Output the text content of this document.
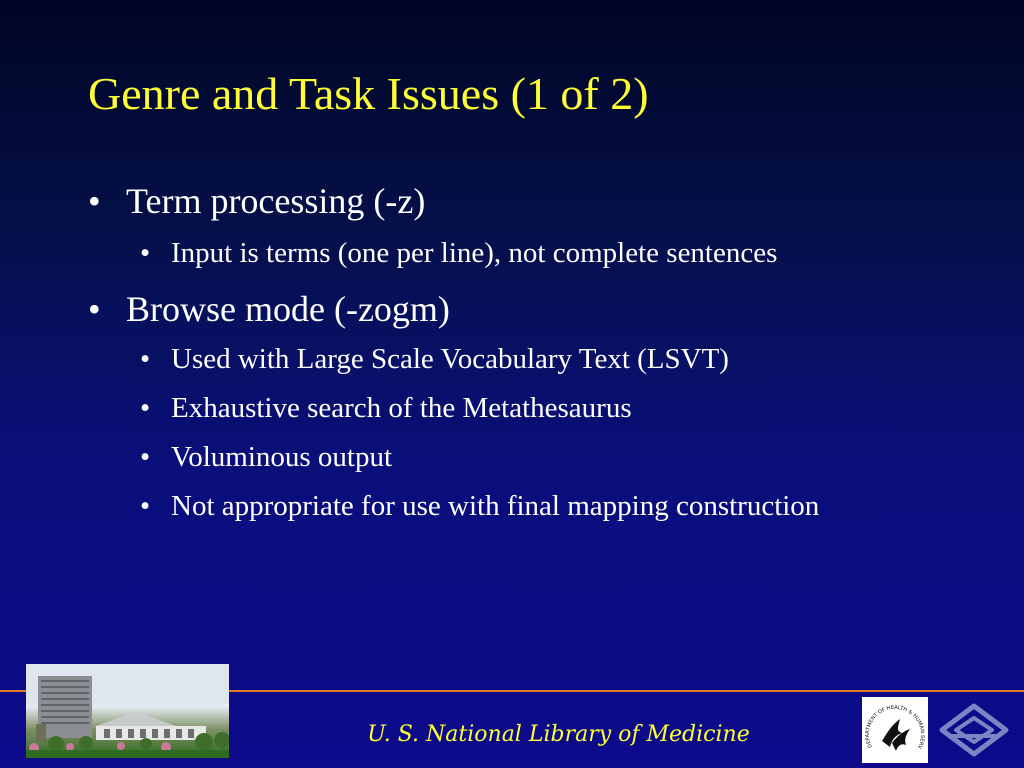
Genre and Task Issues (1 of 2)
• Term processing (-z)
• Input is terms (one per line), not complete sentences
• Browse mode (-zogm)
• Used with Large Scale Vocabulary Text (LSVT)
• Exhaustive search of the Metathesaurus
• Voluminous output
• Not appropriate for use with final mapping construction
U. S. National Library of Medicine	DEPARTMENT OF HEALTH & HUMAN SERV
